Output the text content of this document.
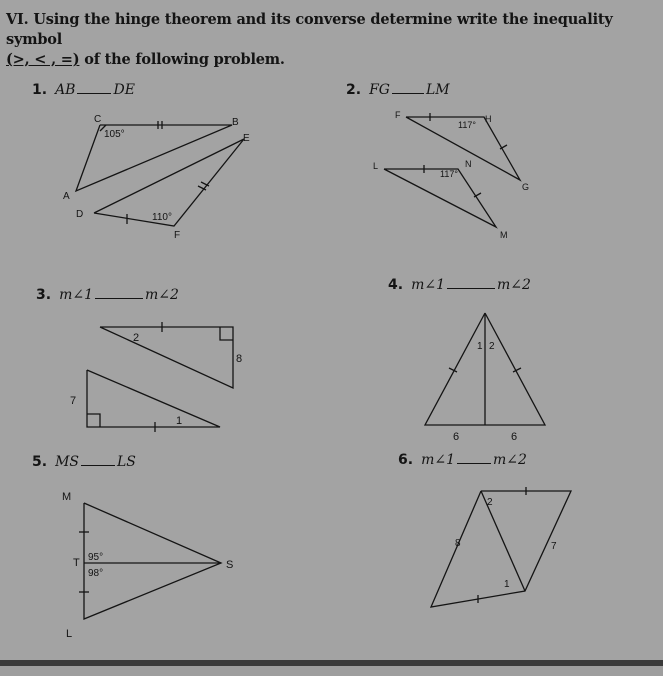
VI. Using the hinge theorem and its converse determine write the inequality symbol
(>, < , =) of the following problem.
1. AB	DE	2. FG	LM
3. m∠1	m∠2
4. m∠1	m∠2
5. MS	LS	6. m∠1	m∠2
C
105°
B
E
A
D	110°
F
F	H
117°
L	N
117°
G
M
2
8
7
1
1 2
6	6
M
T 95°
98°
S
L
2
8	7
1
